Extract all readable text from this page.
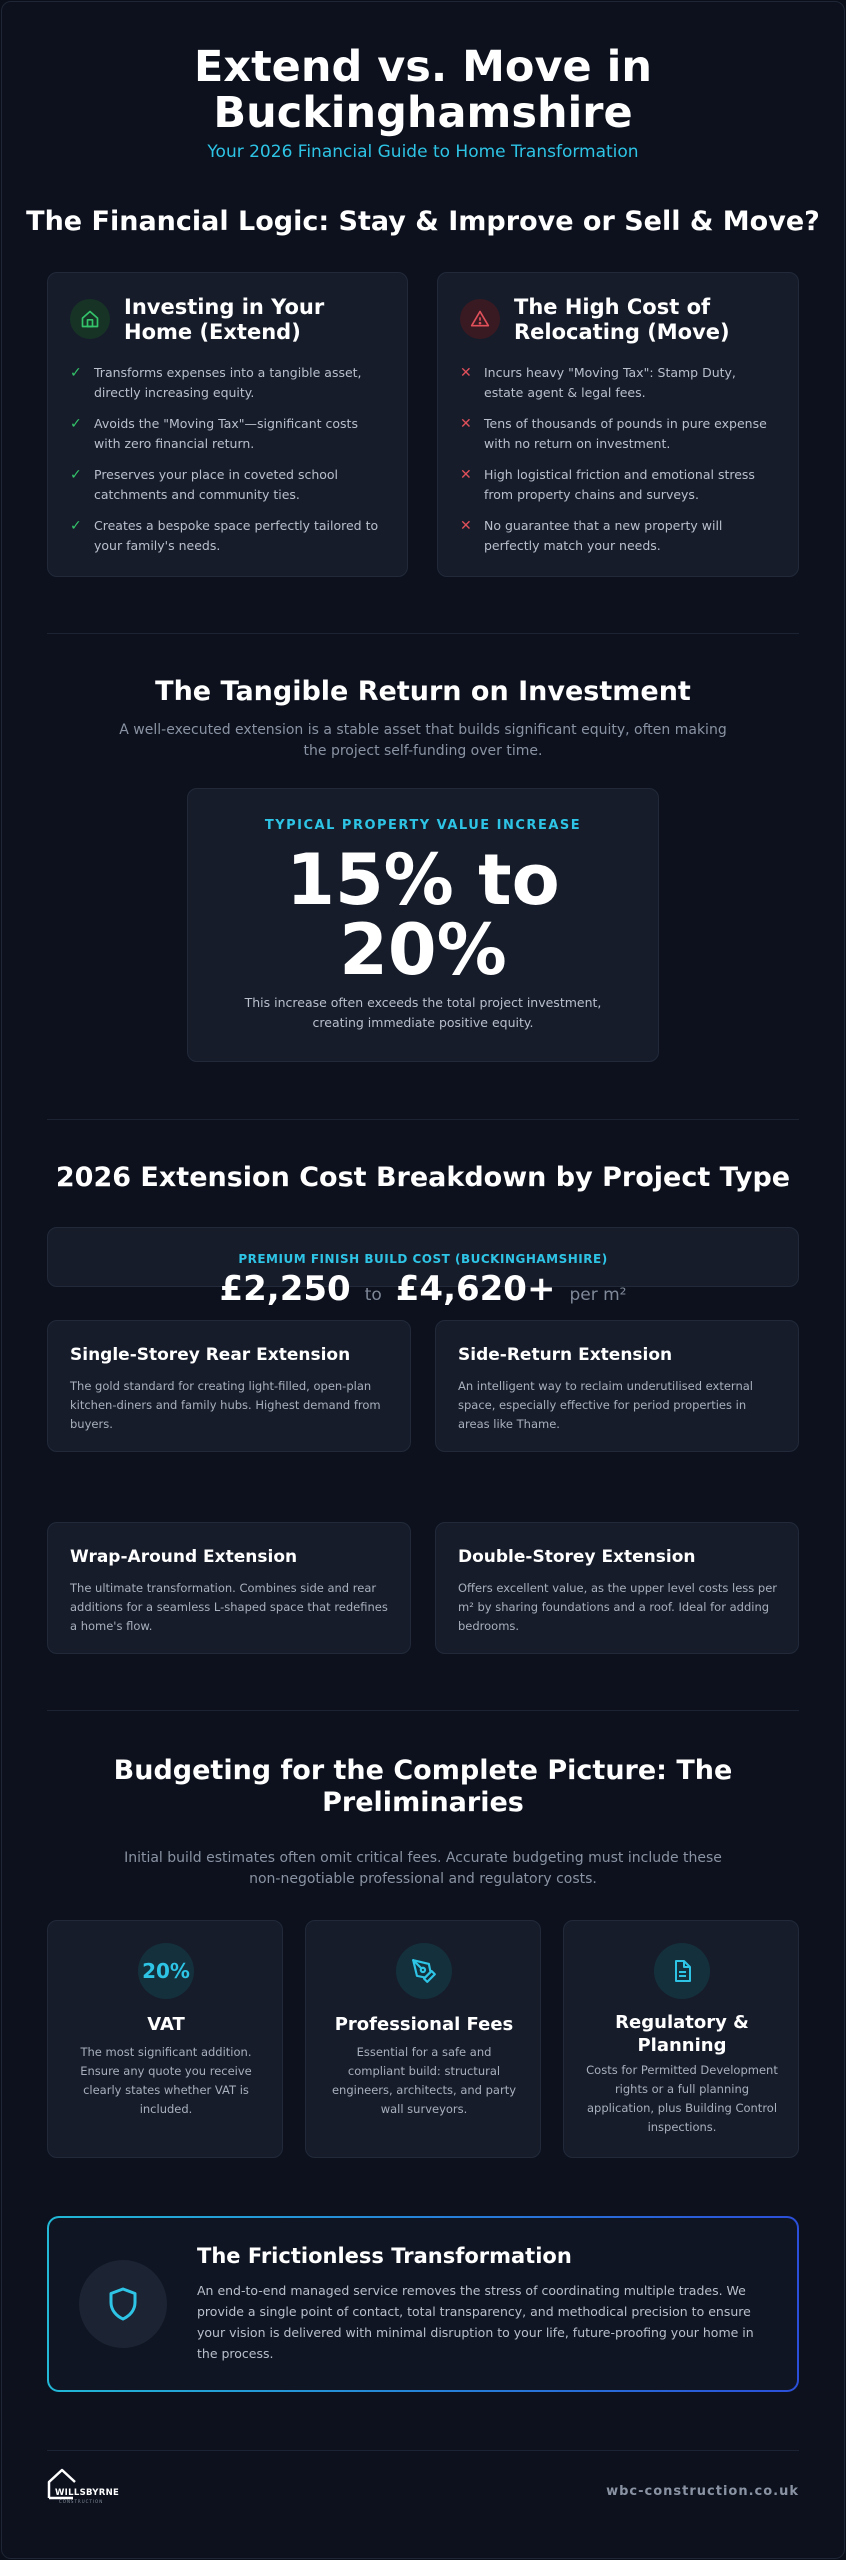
Extend vs. Move in
Buckinghamshire
Your 2026 Financial Guide to Home Transformation
The Financial Logic: Stay & Improve or Sell & Move?
Investing in Your
Home (Extend)
✓ Transforms expenses into a tangible asset, directly increasing equity.
✓ Avoids the "Moving Tax"—significant costs with zero financial return.
✓ Preserves your place in coveted school catchments and community ties.
✓ Creates a bespoke space perfectly tailored to your family's needs.
The High Cost of
Relocating (Move)
✕ Incurs heavy "Moving Tax": Stamp Duty, estate agent & legal fees.
✕ Tens of thousands of pounds in pure expense with no return on investment.
✕ High logistical friction and emotional stress from property chains and surveys.
✕ No guarantee that a new property will perfectly match your needs.
The Tangible Return on Investment
A well-executed extension is a stable asset that builds significant equity, often making the project self-funding over time.
TYPICAL PROPERTY VALUE INCREASE
15% to
20%
This increase often exceeds the total project investment, creating immediate positive equity.
2026 Extension Cost Breakdown by Project Type
PREMIUM FINISH BUILD COST (BUCKINGHAMSHIRE)
£2,250 to £4,620+ per m²
Single-Storey Rear Extension
The gold standard for creating light-filled, open-plan kitchen-diners and family hubs. Highest demand from buyers.
Side-Return Extension
An intelligent way to reclaim underutilised external space, especially effective for period properties in areas like Thame.
Wrap-Around Extension
The ultimate transformation. Combines side and rear additions for a seamless L-shaped space that redefines a home's flow.
Double-Storey Extension
Offers excellent value, as the upper level costs less per m² by sharing foundations and a roof. Ideal for adding bedrooms.
Budgeting for the Complete Picture: The
Preliminaries
Initial build estimates often omit critical fees. Accurate budgeting must include these non-negotiable professional and regulatory costs.
20%
VAT
The most significant addition. Ensure any quote you receive clearly states whether VAT is included.
Professional Fees
Essential for a safe and compliant build: structural engineers, architects, and party wall surveyors.
Regulatory &
Planning
Costs for Permitted Development rights or a full planning application, plus Building Control inspections.
The Frictionless Transformation
An end-to-end managed service removes the stress of coordinating multiple trades. We provide a single point of contact, total transparency, and methodical precision to ensure your vision is delivered with minimal disruption to your life, future-proofing your home in the process.
WILLSBYRNE
CONSTRUCTION
wbc-construction.co.uk
